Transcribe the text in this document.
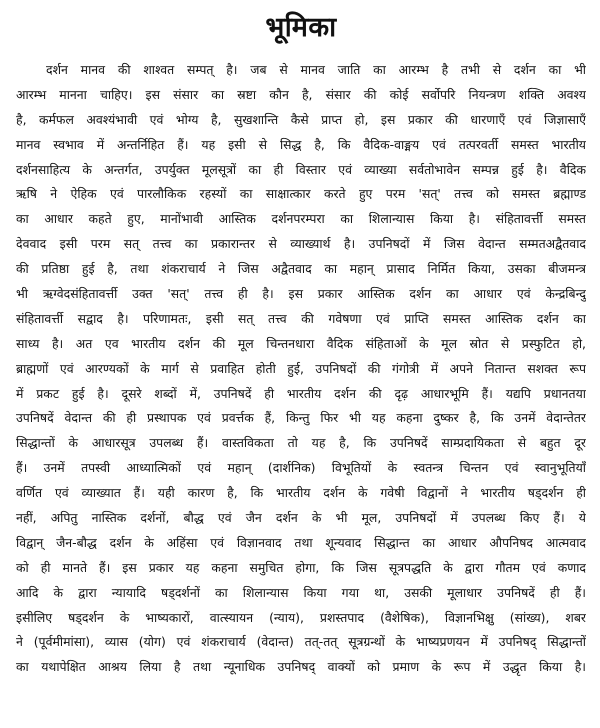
भूमिका
दर्शन मानव की शाश्वत सम्पत् है। जब से मानव जाति का आरम्भ है तभी से दर्शन का भी
आरम्भ मानना चाहिए। इस संसार का स्रष्टा कौन है, संसार की कोई सर्वोपरि नियन्त्रण शक्ति अवश्य
है, कर्मफल अवश्यंभावी एवं भोग्य है, सुखशान्ति कैसे प्राप्त हो, इस प्रकार की धारणाएँ एवं जिज्ञासाएँ
मानव स्वभाव में अन्तर्निहित हैं। यह इसी से सिद्ध है, कि वैदिक-वाङ्मय एवं तत्परवर्ती समस्त भारतीय
दर्शनसाहित्य के अन्तर्गत, उपर्युक्त मूलसूत्रों का ही विस्तार एवं व्याख्या सर्वतोभावेन सम्पन्न हुई है। वैदिक
ऋषि ने ऐहिक एवं पारलौकिक रहस्यों का साक्षात्कार करते हुए परम 'सत्' तत्त्व को समस्त ब्रह्माण्ड
का आधार कहते हुए, मानोंभावी आस्तिक दर्शनपरम्परा का शिलान्यास किया है। संहितावर्त्ती समस्त
देववाद इसी परम सत् तत्त्व का प्रकारान्तर से व्याख्यार्थ है। उपनिषदों में जिस वेदान्त सम्मतअद्वैतवाद
की प्रतिष्ठा हुई है, तथा शंकराचार्य ने जिस अद्वैतवाद का महान् प्रासाद निर्मित किया, उसका बीजमन्त्र
भी ऋग्वेदसंहितावर्त्ती उक्त 'सत्' तत्त्व ही है। इस प्रकार आस्तिक दर्शन का आधार एवं केन्द्रबिन्दु
संहितावर्त्ती सद्वाद है। परिणामतः, इसी सत् तत्त्व की गवेषणा एवं प्राप्ति समस्त आस्तिक दर्शन का
साध्य है। अत एव भारतीय दर्शन की मूल चिन्तनधारा वैदिक संहिताओं के मूल स्रोत से प्रस्फुटित हो,
ब्राह्मणों एवं आरण्यकों के मार्ग से प्रवाहित होती हुई, उपनिषदों की गंगोत्री में अपने नितान्त सशक्त रूप
में प्रकट हुई है। दूसरे शब्दों में, उपनिषदें ही भारतीय दर्शन की दृढ़ आधारभूमि हैं। यद्यपि प्रधानतया
उपनिषदें वेदान्त की ही प्रस्थापक एवं प्रवर्त्तक हैं, किन्तु फिर भी यह कहना दुष्कर है, कि उनमें वेदान्तेतर
सिद्धान्तों के आधारसूत्र उपलब्ध हैं। वास्तविकता तो यह है, कि उपनिषदें साम्प्रदायिकता से बहुत दूर
हैं। उनमें तपस्वी आध्यात्मिकों एवं महान् (दार्शनिक) विभूतियों के स्वतन्त्र चिन्तन एवं स्वानुभूतियाँ
वर्णित एवं व्याख्यात हैं। यही कारण है, कि भारतीय दर्शन के गवेषी विद्वानों ने भारतीय षड्दर्शन ही
नहीं, अपितु नास्तिक दर्शनों, बौद्ध एवं जैन दर्शन के भी मूल, उपनिषदों में उपलब्ध किए हैं। ये
विद्वान् जैन-बौद्ध दर्शन के अहिंसा एवं विज्ञानवाद तथा शून्यवाद सिद्धान्त का आधार औपनिषद आत्मवाद
को ही मानते हैं। इस प्रकार यह कहना समुचित होगा, कि जिस सूत्रपद्धति के द्वारा गौतम एवं कणाद
आदि के द्वारा न्यायादि षड्दर्शनों का शिलान्यास किया गया था, उसकी मूलाधार उपनिषदें ही हैं।
इसीलिए षड्दर्शन के भाष्यकारों, वात्स्यायन (न्याय), प्रशस्तपाद (वैशेषिक), विज्ञानभिक्षु (सांख्य), शबर
ने (पूर्वमीमांसा), व्यास (योग) एवं शंकराचार्य (वेदान्त) तत्-तत् सूत्रग्रन्थों के भाष्यप्रणयन में उपनिषद् सिद्धान्तों
का यथापेक्षित आश्रय लिया है तथा न्यूनाधिक उपनिषद् वाक्यों को प्रमाण के रूप में उद्धृत किया है।
